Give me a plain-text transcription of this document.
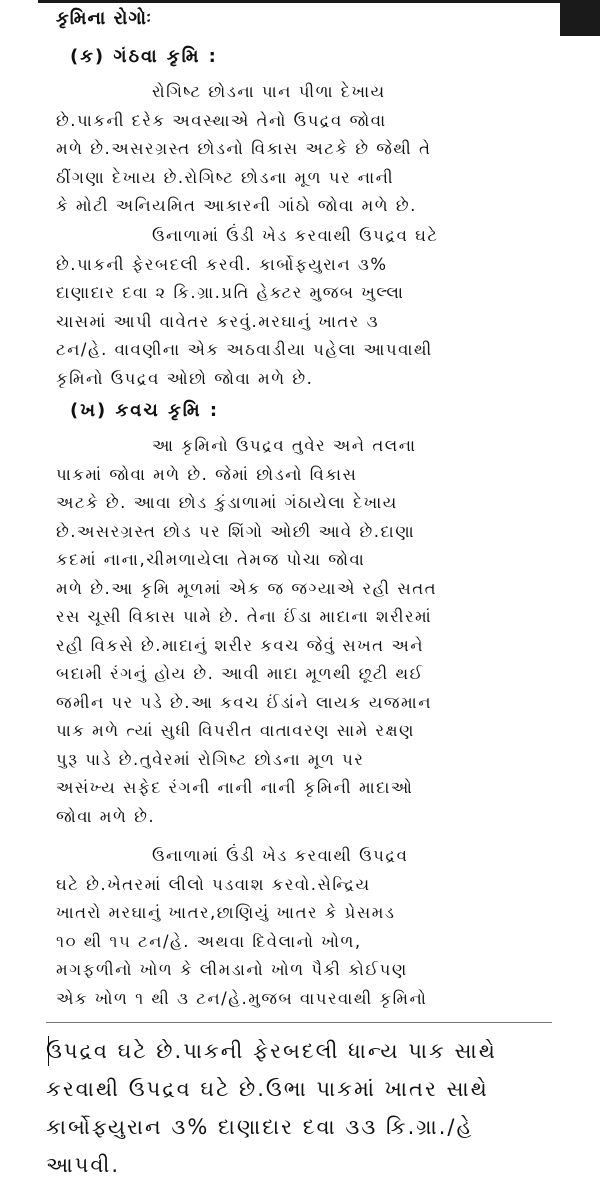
કૃમિના રોગોઃ
(ક) ગંઠવા કૃમિ :
રોગિષ્ટ છોડના પાન પીળા દેખાય
છે.પાકની દરેક અવસ્થાએ તેનો ઉપદ્રવ જોવા
મળે છે.અસરગ્રસ્ત છોડનો વિકાસ અટકે છે જેથી તે
ઠીંગણા દેખાય છે.રોગિષ્ટ છોડના મૂળ પર નાની
કે મોટી અનિયમિત આકારની ગાંઠો જોવા મળે છે.
ઉનાળામાં ઉંડી ખેડ કરવાથી ઉપદ્રવ ઘટે
છે.પાકની ફેરબદલી કરવી. કાર્બોફયુરાન ૩%
દાણાદાર દવા ૨ કિ.ગ્રા.પ્રતિ હેક્ટર મુજબ ખુલ્લા
ચાસમાં આપી વાવેતર કરવું.મરઘાનું ખાતર ૩
ટન/હે. વાવણીના એક અઠવાડીયા પહેલા આપવાથી
કૃમિનો ઉપદ્રવ ઓછો જોવા મળે છે.
(ખ) કવચ કૃમિ :
આ કૃમિનો ઉપદ્રવ તુવેર અને તલના
પાકમાં જોવા મળે છે. જેમાં છોડનો વિકાસ
અટકે છે. આવા છોડ કુંડાળામાં ગંઠાયેલા દેખાય
છે.અસરગ્રસ્ત છોડ પર શિંગો ઓછી આવે છે.દાણા
કદમાં નાના,ચીમળાયેલા તેમજ પોચા જોવા
મળે છે.આ કૃમિ મૂળમાં એક જ જગ્યાએ રહી સતત
રસ ચૂસી વિકાસ પામે છે. તેના ઈંડા માદાના શરીરમાં
રહી વિકસે છે.માદાનું શરીર કવચ જેવું સખત અને
બદામી રંગનું હોય છે. આવી માદા મૂળથી છૂટી થઈ
જમીન પર પડે છે.આ કવચ ઈંડાંને લાયક યજમાન
પાક મળે ત્યાં સુધી વિપરીત વાતાવરણ સામે રક્ષણ
પુરૂ પાડે છે.તુવેરમાં રોગિષ્ટ છોડના મૂળ પર
અસંખ્ય સફેદ રંગની નાની નાની કૃમિની માદાઓ
જોવા મળે છે.
ઉનાળામાં ઉંડી ખેડ કરવાથી ઉપદ્રવ
ઘટે છે.ખેતરમાં લીલો પડવાશ કરવો.સેન્દ્રિય
ખાતરો મરઘાનું ખાતર,છાણિયું ખાતર કે પ્રેસમડ
૧૦ થી ૧૫ ટન/હે. અથવા દિવેલાનો ખોળ,
મગફળીનો ખોળ કે લીમડાનો ખોળ પૈકી કોઈપણ
એક ખોળ ૧ થી ૩ ટન/હે.મુજબ વાપરવાથી કૃમિનો
ઉપદ્રવ ઘટે છે.પાકની ફેરબદલી ધાન્ય પાક સાથે
કરવાથી ઉપદ્રવ ઘટે છે.ઉભા પાકમાં ખાતર સાથે
કાર્બોફ્યુરાન ૩% દાણાદાર દવા ૩૩ કિ.ગ્રા./હે
આપવી.
